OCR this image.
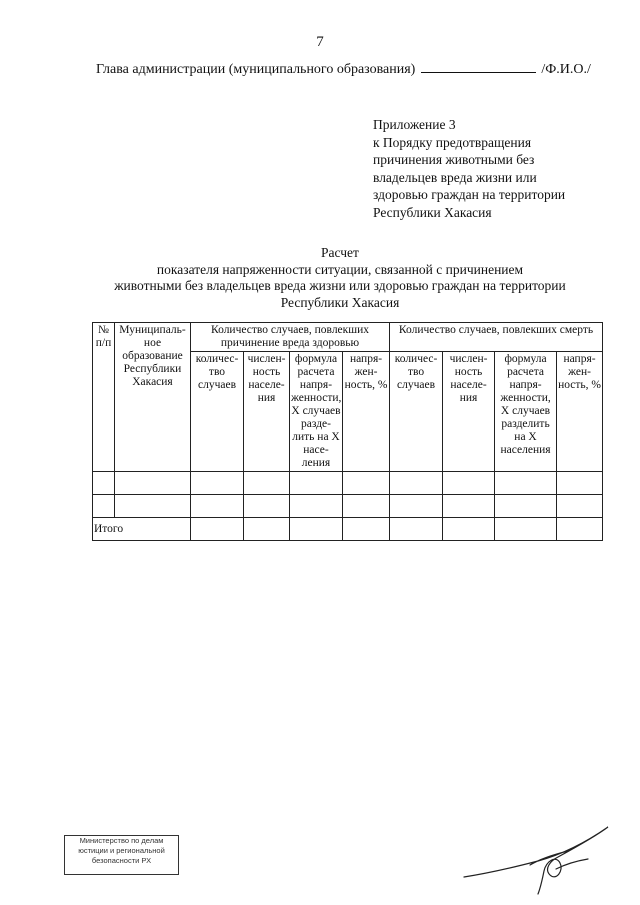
7
Глава администрации (муниципального образования)	/Ф.И.О./
Приложение 3
к Порядку предотвращения
причинения животными без
владельцев вреда жизни или
здоровью граждан на территории
Республики Хакасия
Расчет
показателя напряженности ситуации, связанной с причинением
животными без владельцев вреда жизни или здоровью граждан на территории
Республики Хакасия
№ п/п	Муниципаль-ное образование Республики Хакасия	Количество случаев, повлекших причинение вреда здоровью				Количество случаев, повлекших смерть			
		количес-тво случаев	числен-ность населе-ния	формула расчета напря-женности, Х случаев разде-лить на Х насе-ления	напря-жен-ность, %	количес-тво случаев	числен-ность населе-ния	формула расчета напря-женности, Х случаев разделить на Х населения	напря-жен-ность, %

Итого									
Министерство по делам
юстиции и региональной
безопасности РХ
